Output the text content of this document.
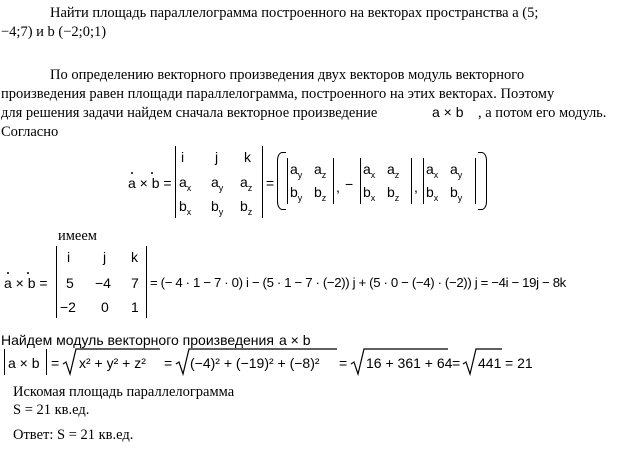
Найти площадь параллелограмма построенного на векторах пространства a (5;
−4;7) и b (−2;0;1)
По определению векторного произведения двух векторов модуль векторного
произведения равен площади параллелограмма, построенного на этих векторах. Поэтому
для решения задачи найдем сначала векторное произведение	a × b , а потом его модуль.
Согласно
a × b =
i j k
$a_x$ $a_y$ $a_z$
$b_x$ $b_y$ $b_z$
=
$a_y$ $a_z$
$b_y$ $b_z$
, −
$a_x$ $a_z$
$b_x$ $b_z$
,
$a_x$ $a_y$
$b_x$ $b_y$
имеем
a × b =
i j k
5 −4 7
−2 0 1
= (− 4 · 1 − 7 · 0) i − (5 · 1 − 7 · (−2)) j + (5 · 0 − (−4) · (−2)) j = −4i − 19j − 8k
Найдем модуль векторного произведения a × b
a × b = x² + y² + z² = (−4)² + (−19)² + (−8)² = 16 + 361 + 64 = 441 = 21
Искомая площадь параллелограмма
S = 21 кв.ед.
Ответ: S = 21 кв.ед.
